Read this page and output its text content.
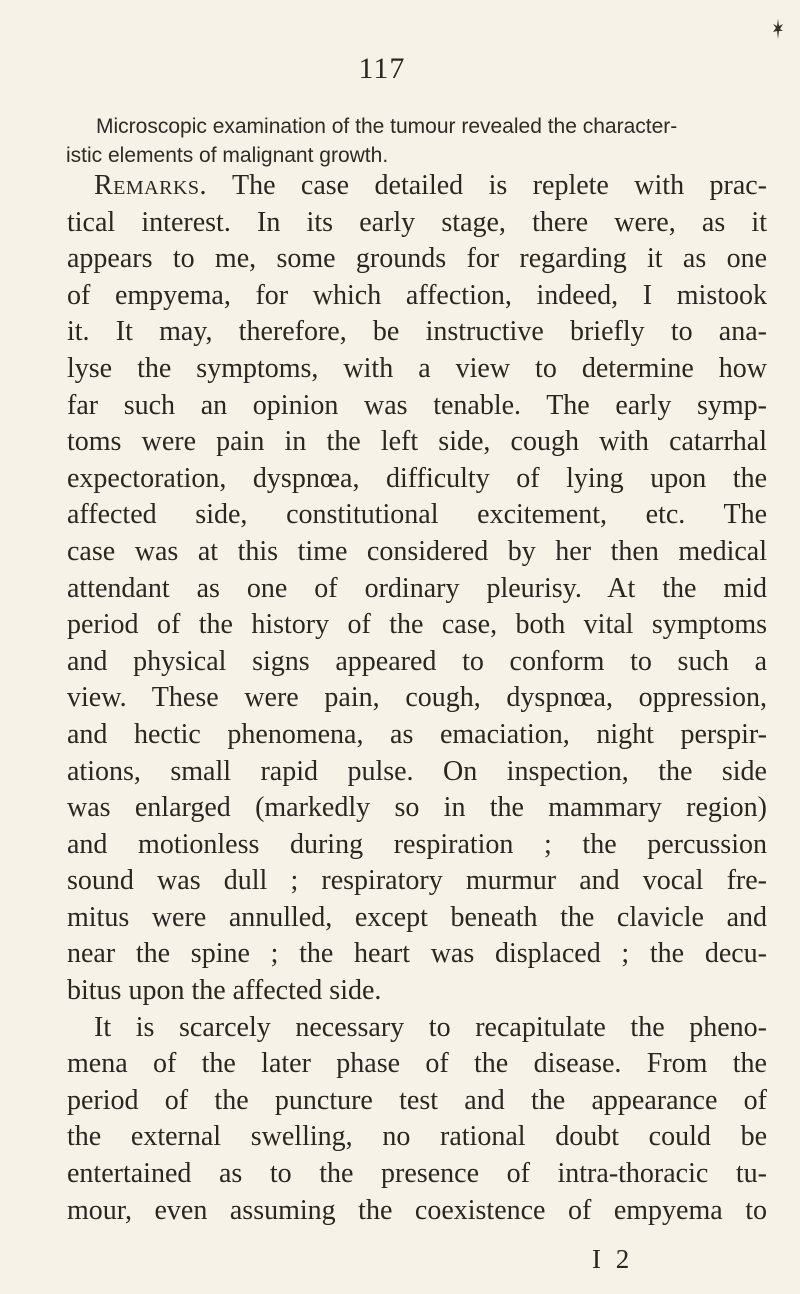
117
Microscopic examination of the tumour revealed the character-
istic elements of malignant growth.
Remarks. The case detailed is replete with prac-
tical interest. In its early stage, there were, as it
appears to me, some grounds for regarding it as one
of empyema, for which affection, indeed, I mistook
it. It may, therefore, be instructive briefly to ana-
lyse the symptoms, with a view to determine how
far such an opinion was tenable. The early symp-
toms were pain in the left side, cough with catarrhal
expectoration, dyspnœa, difficulty of lying upon the
affected side, constitutional excitement, etc. The
case was at this time considered by her then medical
attendant as one of ordinary pleurisy. At the mid
period of the history of the case, both vital symptoms
and physical signs appeared to conform to such a
view. These were pain, cough, dyspnœa, oppression,
and hectic phenomena, as emaciation, night perspir-
ations, small rapid pulse. On inspection, the side
was enlarged (markedly so in the mammary region)
and motionless during respiration ; the percussion
sound was dull ; respiratory murmur and vocal fre-
mitus were annulled, except beneath the clavicle and
near the spine ; the heart was displaced ; the decu-
bitus upon the affected side.
It is scarcely necessary to recapitulate the pheno-
mena of the later phase of the disease. From the
period of the puncture test and the appearance of
the external swelling, no rational doubt could be
entertained as to the presence of intra-thoracic tu-
mour, even assuming the coexistence of empyema to
I 2
